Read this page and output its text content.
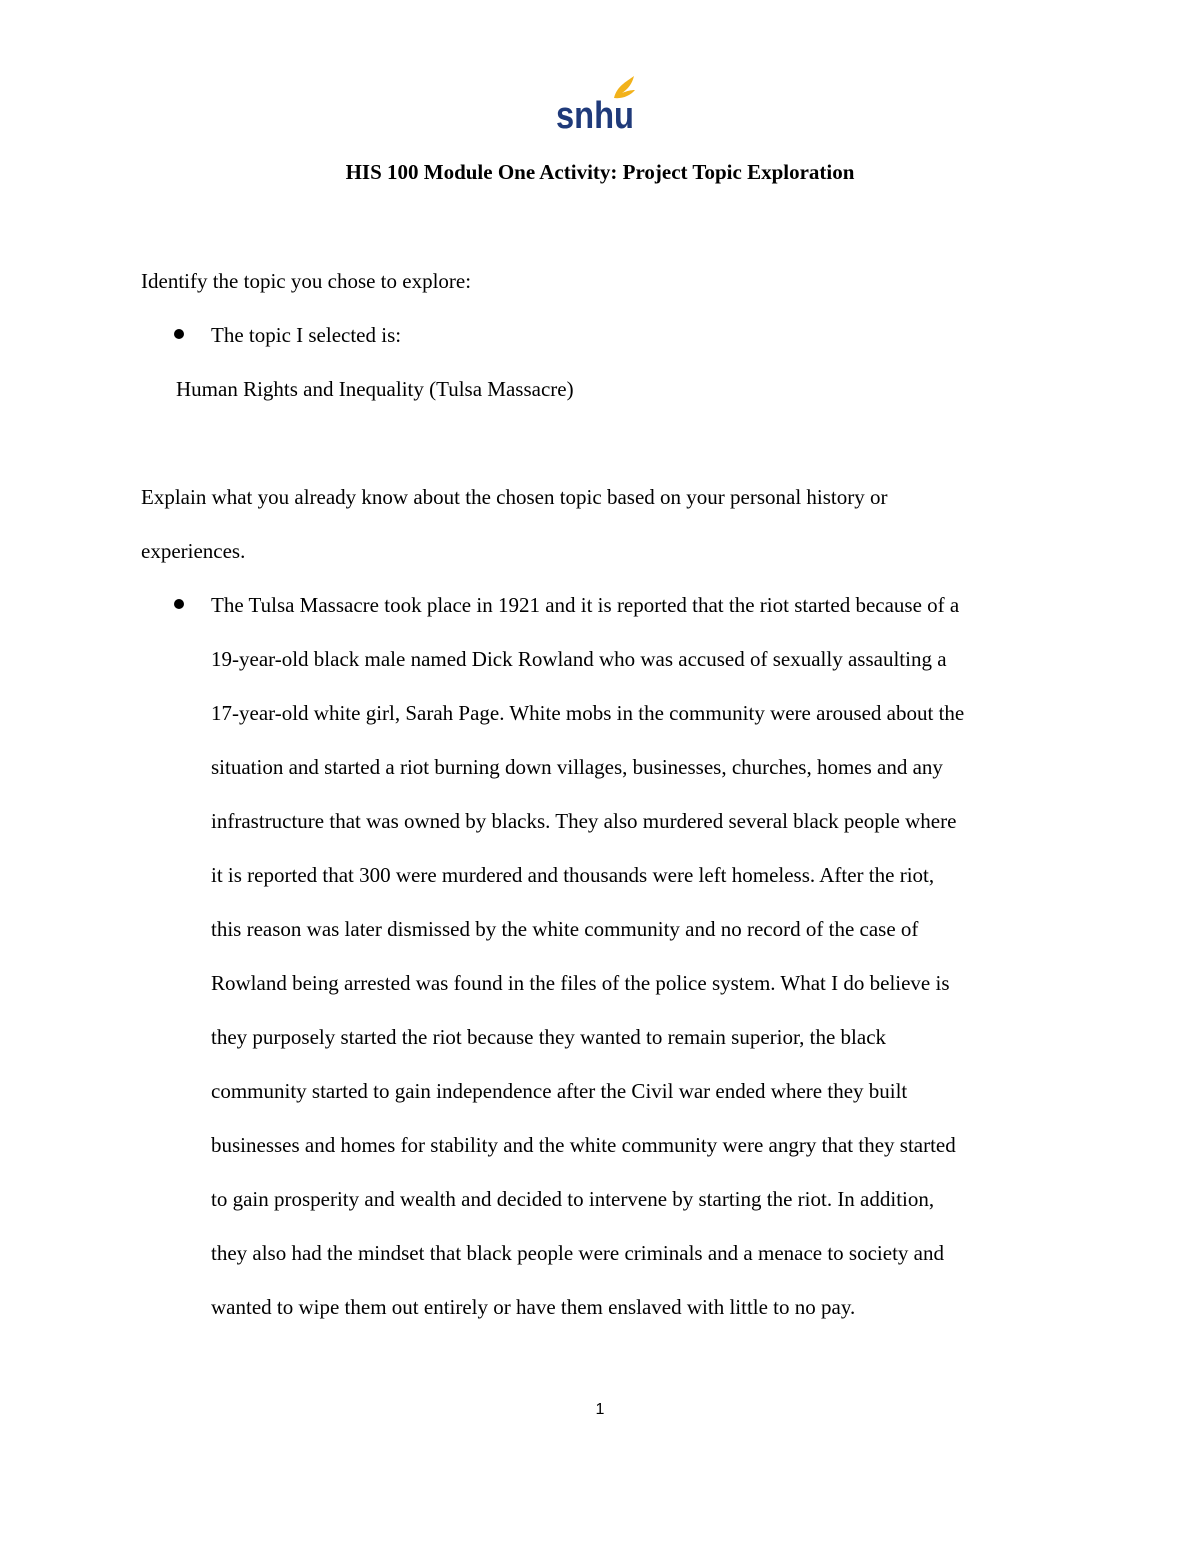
snhu
HIS 100 Module One Activity: Project Topic Exploration
Identify the topic you chose to explore:
The topic I selected is:
Human Rights and Inequality (Tulsa Massacre)
Explain what you already know about the chosen topic based on your personal history or
experiences.
The Tulsa Massacre took place in 1921 and it is reported that the riot started because of a
19-year-old black male named Dick Rowland who was accused of sexually assaulting a
17-year-old white girl, Sarah Page. White mobs in the community were aroused about the
situation and started a riot burning down villages, businesses, churches, homes and any
infrastructure that was owned by blacks. They also murdered several black people where
it is reported that 300 were murdered and thousands were left homeless. After the riot,
this reason was later dismissed by the white community and no record of the case of
Rowland being arrested was found in the files of the police system. What I do believe is
they purposely started the riot because they wanted to remain superior, the black
community started to gain independence after the Civil war ended where they built
businesses and homes for stability and the white community were angry that they started
to gain prosperity and wealth and decided to intervene by starting the riot. In addition,
they also had the mindset that black people were criminals and a menace to society and
wanted to wipe them out entirely or have them enslaved with little to no pay.
1
